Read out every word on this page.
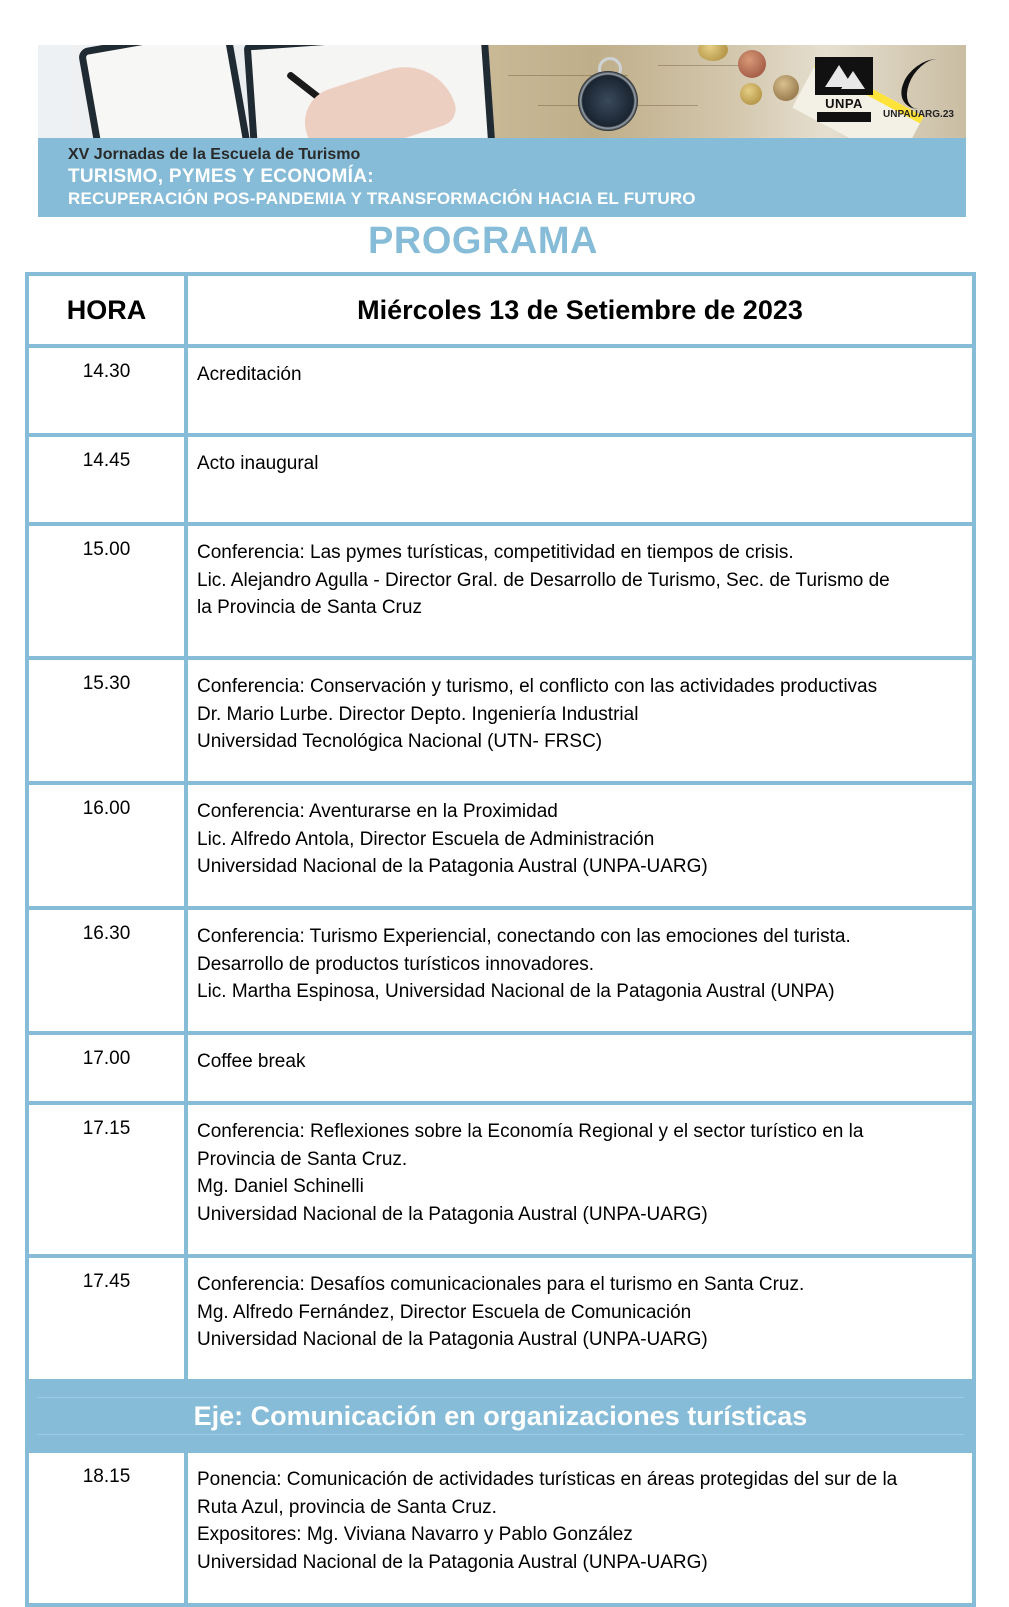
UNPA
UNPAUARG.23
XV Jornadas de la Escuela de Turismo
TURISMO, PYMES Y ECONOMÍA:
RECUPERACIÓN POS-PANDEMIA Y TRANSFORMACIÓN HACIA EL FUTURO
PROGRAMA
HORA	Miércoles 13 de Setiembre de 2023
14.30	Acreditación

14.45	Acto inaugural

15.00	Conferencia: Las pymes turísticas, competitividad en tiempos de crisis.
Lic. Alejandro Agulla - Director Gral. de Desarrollo de Turismo, Sec. de Turismo de
la Provincia de Santa Cruz

15.30	Conferencia: Conservación y turismo, el conflicto con las actividades productivas
Dr. Mario Lurbe. Director Depto. Ingeniería Industrial
Universidad Tecnológica Nacional (UTN- FRSC)

16.00	Conferencia: Aventurarse en la Proximidad
Lic. Alfredo Antola, Director Escuela de Administración
Universidad Nacional de la Patagonia Austral (UNPA-UARG)

16.30	Conferencia: Turismo Experiencial, conectando con las emociones del turista.
Desarrollo de productos turísticos innovadores.
Lic. Martha Espinosa, Universidad Nacional de la Patagonia Austral (UNPA)

17.00	Coffee break

17.15	Conferencia: Reflexiones sobre la Economía Regional y el sector turístico en la
Provincia de Santa Cruz.
Mg. Daniel Schinelli
Universidad Nacional de la Patagonia Austral (UNPA-UARG)

17.45	Conferencia: Desafíos comunicacionales para el turismo en Santa Cruz.
Mg. Alfredo Fernández, Director Escuela de Comunicación
Universidad Nacional de la Patagonia Austral (UNPA-UARG)

Eje: Comunicación en organizaciones turísticas	

18.15	Ponencia: Comunicación de actividades turísticas en áreas protegidas del sur de la
Ruta Azul, provincia de Santa Cruz.
Expositores: Mg. Viviana Navarro y Pablo González
Universidad Nacional de la Patagonia Austral (UNPA-UARG)
